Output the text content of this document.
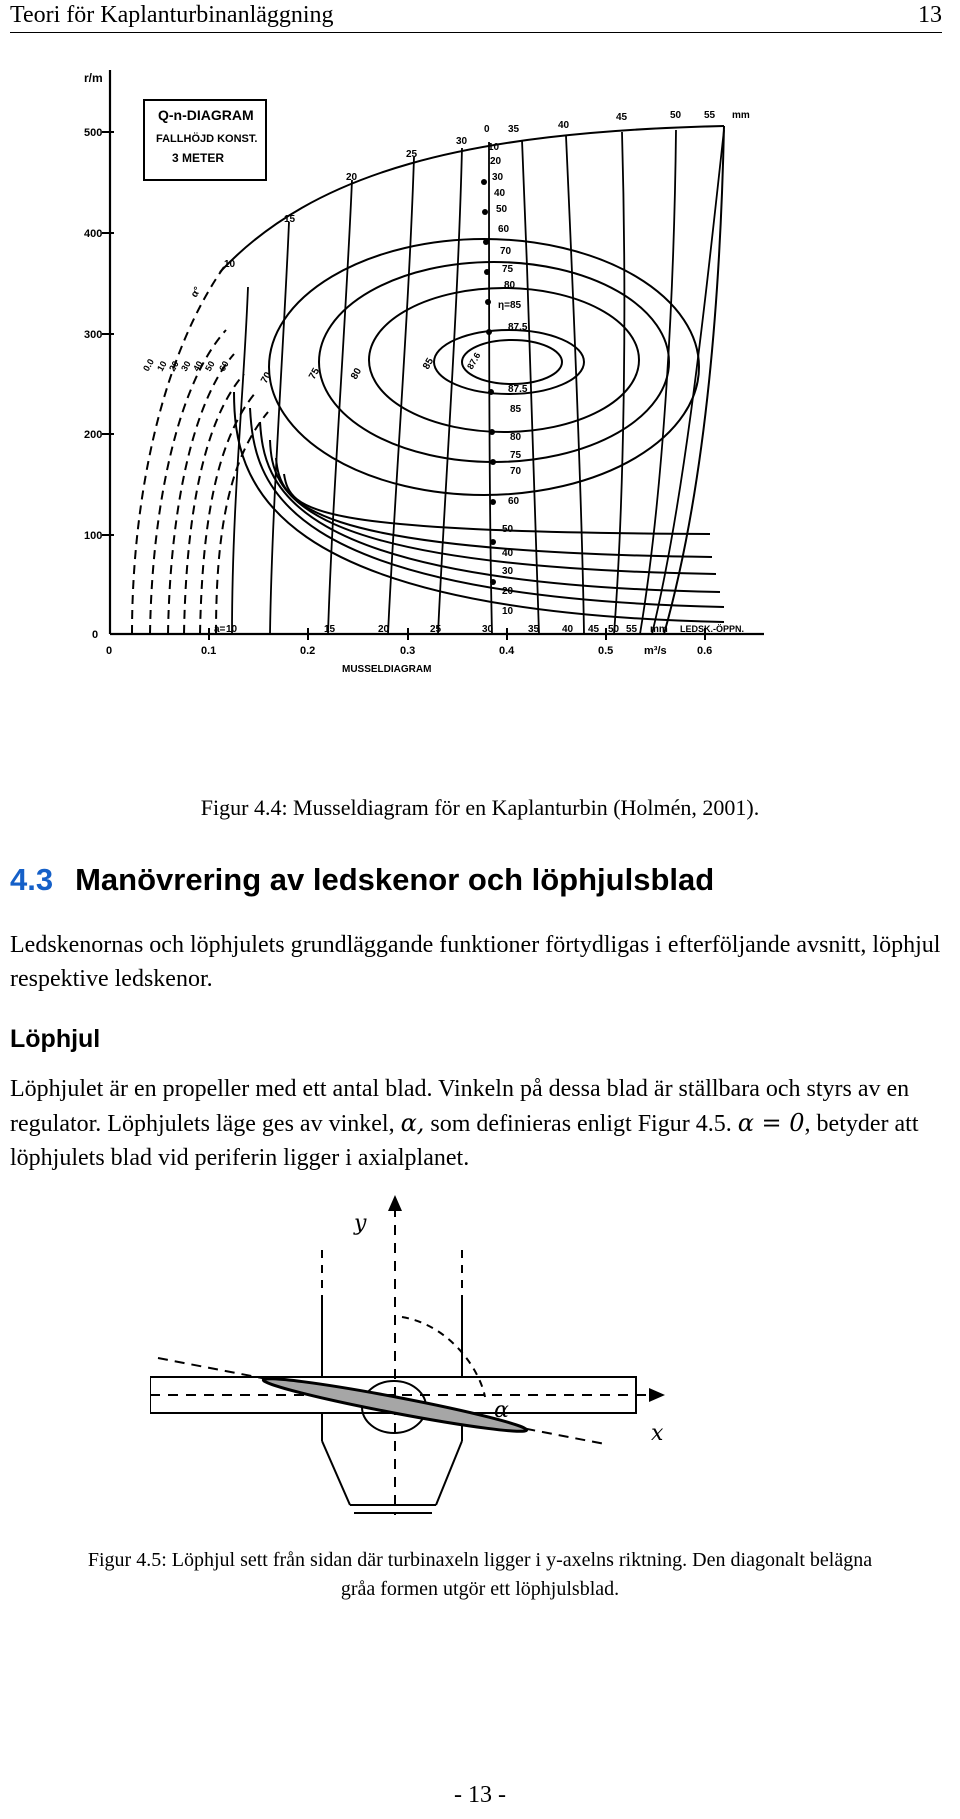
Teori för Kaplanturbinanläggning	13
Q-n-DIAGRAM
FALLHÖJD KONST.
3 METER
r/m
500
400
300
200
100
0
0	0.1	0.2	0.3	0.4	0.5	0.6
m³/s
MUSSELDIAGRAM
10
15
20
25
30
35	40
45	50 55 mm
a= 10	15	20	25	30	35 40 45 50 55 mm LEDSK.-ÖPPN.
0
10
20
30
40
50
60
70
75
80
η=85
87.5
87.5
85
80
75
70
60
50
40
30
20
10
α°
0.0 10
20
30
40
50 60
70	75	80
85	87.6
Figur 4.4: Musseldiagram för en Kaplanturbin (Holmén, 2001).
4.3 Manövrering av ledskenor och löphjulsblad
Ledskenornas och löphjulets grundläggande funktioner förtydligas i efterföljande avsnitt, löphjul respektive ledskenor.
Löphjul
Löphjulet är en propeller med ett antal blad. Vinkeln på dessa blad är ställbara och styrs av en regulator. Löphjulets läge ges av vinkel, α, som definieras enligt Figur 4.5. α = 0, betyder att löphjulets blad vid periferin ligger i axialplanet.
y
x
α
Figur 4.5: Löphjul sett från sidan där turbinaxeln ligger i y-axelns riktning. Den diagonalt belägna
gråa formen utgör ett löphjulsblad.
- 13 -
